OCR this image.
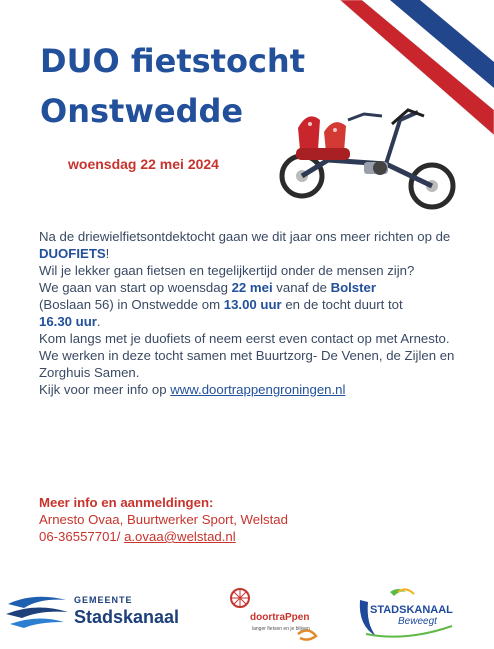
DUO fietstocht
Onstwedde
woensdag 22 mei 2024

Na de driewielfietsontdektocht gaan we dit jaar ons meer richten op de DUOFIETS!
Wil je lekker gaan fietsen en tegelijkertijd onder de mensen zijn?

We gaan van start op woensdag 22 mei vanaf de Bolster
(Boslaan 56) in Onstwedde om 13.00 uur en de tocht duurt tot
16.30 uur.

Kom langs met je duofiets of neem eerst even contact op met Arnesto. We werken in deze tocht samen met Buurtzorg- De Venen, de Zijlen en Zorghuis Samen.

Kijk voor meer info op www.doortrappengroningen.nl

Meer info en aanmeldingen:
Arnesto Ovaa, Buurtwerker Sport, Welstad
06-36557701/ a.ovaa@welstad.nl
GEMEENTE
Stadskanaal	doortraPpen
langer fietsen en je blijven
STADSKANAAL
Beweegt
